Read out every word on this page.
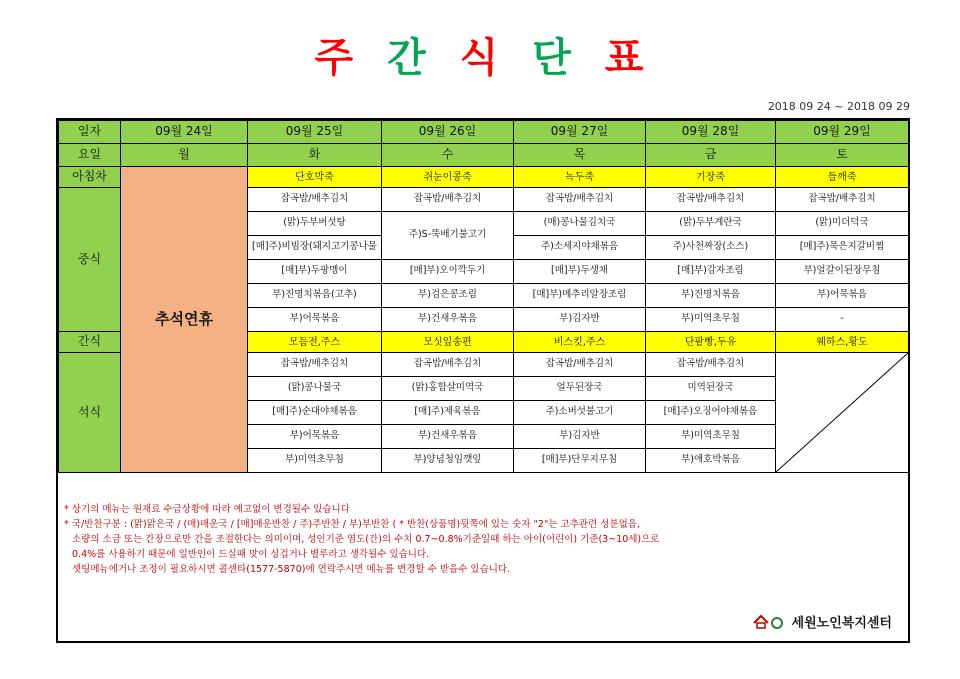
주 간 식 단 표
2018 09 24 ~ 2018 09 29
일자	09월 24일	09월 25일	09월 26일	09월 27일	09월 28일	09월 29일
요일	월	화	수	목	금	토
아침차	추석연휴	단호박죽	쥐눈이콩죽	녹두죽	기장죽	들깨죽
중식		잡곡밥/배추김치	잡곡밥/배추김치	잡곡밥/배추김치	잡곡밥/배추김치	잡곡밥/배추김치
		(맑)두부버섯탕	주)S-뚝배기불고기	(매)콩나물김치국	(맑)두부계란국	(맑)미더덕국
		[매]주)비빔장(돼지고기콩나물		주)소세지야채볶음	주)사천짜장(소스)	[매]주)묵은지갈비찜
		[매]부)두팡멩이	[매]부)오이깍두기	[매]부)두생채	[매]부)감자조림	부)얼갈이된장무침
		부)진명치볶음(고추)	부)검은콩조림	[매]부)메추리알장조림	부)진명치볶음	부)어묵볶음
		부)어묵볶음	부)건새우볶음	부)김자반	부)미역초무침	-
간식		모듬전,주스	모싯잎송편	비스킷,주스	단팥빵,두유	웨하스,황도
석식		잡곡밥/배추김치	잡곡밥/배추김치	잡곡밥/배추김치	잡곡밥/배추김치	

		(맑)콩나물국	(맑)홍합살미역국	얼두된장국	미역된장국	
		[매]주)순대야채볶음	[매]주)제육볶음	주)소버섯불고기	[매]주)오징어야채볶음	
		부)어묵볶음	부)건새우볶음	부)김자반	부)미역초무침	
		부)미역초무침	부)양념청임깻잎	[매]부)단무지무침	부)애호박볶음	

* 상기의 메뉴는 원재료 수급상황에 따라 예고없이 변경될수 있습니다

* 국/반찬구분 : (맑)맑은국 / (매)매운국 / [매]매운반찬 / 주)주반찬 / 부)부반찬 ( * 반찬(상품명)뒷쪽에 있는 숫자 "2"는 고추관련 성분없음,

소량의 소금 또는 간장으로만 간을 조절한다는 의미이며, 성인기준 염도(간)의 수치 0.7~0.8%기준일때 하는 아이(어린이) 기준(3~10세)으로

0.4%를 사용하기 때문에 일반인이 드실때 맛이 싱겁거나 별루라고 생각될수 있습니다.

셋팅메뉴에거나 조정이 필요하시면 콜센타(1577-5870)에 연락주시면 메뉴를 변경할 수 받을수 있습니다.

세원노인복지센터
